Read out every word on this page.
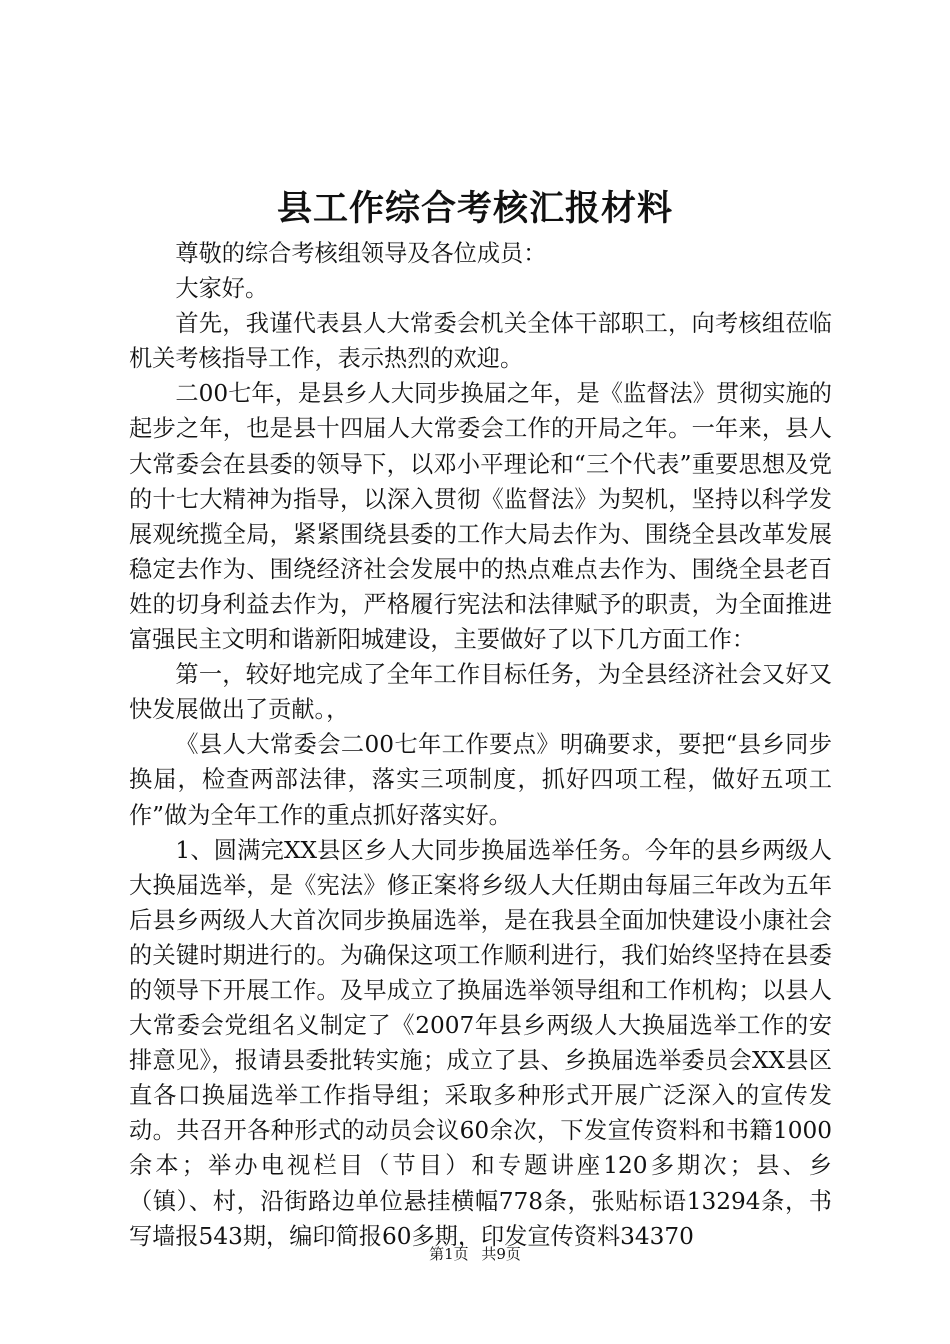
县工作综合考核汇报材料

尊敬的综合考核组领导及各位成员：

大家好。

首先，我谨代表县人大常委会机关全体干部职工，向考核组莅临机关考核指导工作，表示热烈的欢迎。

二00七年，是县乡人大同步换届之年，是《监督法》贯彻实施的起步之年，也是县十四届人大常委会工作的开局之年。一年来，县人大常委会在县委的领导下，以邓小平理论和“三个代表”重要思想及党的十七大精神为指导，以深入贯彻《监督法》为契机，坚持以科学发展观统揽全局，紧紧围绕县委的工作大局去作为、围绕全县改革发展稳定去作为、围绕经济社会发展中的热点难点去作为、围绕全县老百姓的切身利益去作为，严格履行宪法和法律赋予的职责，为全面推进富强民主文明和谐新阳城建设，主要做好了以下几方面工作：

第一，较好地完成了全年工作目标任务，为全县经济社会又好又快发展做出了贡献。，

《县人大常委会二00七年工作要点》明确要求，要把“县乡同步换届，检查两部法律，落实三项制度，抓好四项工程，做好五项工作”做为全年工作的重点抓好落实好。

1、圆满完XX县区乡人大同步换届选举任务。今年的县乡两级人大换届选举，是《宪法》修正案将乡级人大任期由每届三年改为五年后县乡两级人大首次同步换届选举，是在我县全面加快建设小康社会的关键时期进行的。为确保这项工作顺利进行，我们始终坚持在县委的领导下开展工作。及早成立了换届选举领导组和工作机构；以县人大常委会党组名义制定了《2007年县乡两级人大换届选举工作的安排意见》，报请县委批转实施；成立了县、乡换届选举委员会XX县区直各口换届选举工作指导组；采取多种形式开展广泛深入的宣传发动。共召开各种形式的动员会议60余次，下发宣传资料和书籍1000余本；举办电视栏目（节目）和专题讲座120多期次；县、乡（镇）、村，沿街路边单位悬挂横幅778条，张贴标语13294条，书写墙报543期，编印简报60多期，印发宣传资料34370

第1页 共9页
